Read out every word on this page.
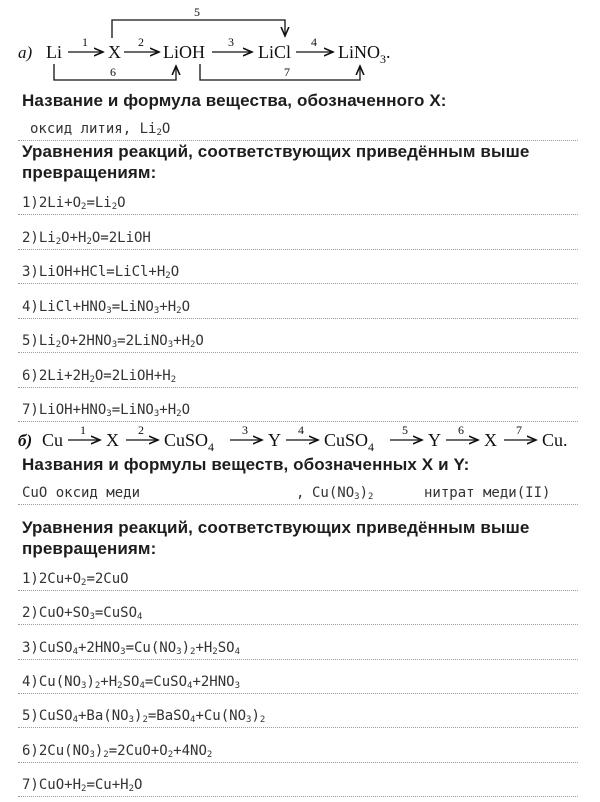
а) Li	X LiOH	LiCl	LiNO$_3$.
1	2	3	4
5
6	7
Название и формула вещества, обозначенного Х:
оксид лития, $Li_2O$
Уравнения реакций, соответствующих приведённым выше
превращениям:
$1)2Li+O_2=Li_2O$
$2)Li_2O+H_2O=2LiOH$
$3)LiOH+HCl=LiCl+H_2O$
$4)LiCl+HNO_3=LiNO_3+H_2O$
$5)Li_2O+2HNO_3=2LiNO_3+H_2O$
$6)2Li+2H_2O=2LiOH+H_2$
$7)LiOH+HNO_3=LiNO_3+H_2O$
б) Cu 1 X 2 CuSO$_4$
3 Y 4 CuSO$_4$
5 Y 6 X 7 Cu.
Названия и формулы веществ, обозначенных X и Y:
CuO оксид меди	, $Cu(NO_3)_2$	нитрат меди(II)
Уравнения реакций, соответствующих приведённым выше
превращениям:
$1)2Cu+O_2=2CuO$
$2)CuO+SO_3=CuSO_4$
$3)CuSO_4+2HNO_3=Cu(NO_3)_2+H_2SO_4$
$4)Cu(NO_3)_2+H_2SO_4=CuSO_4+2HNO_3$
$5)CuSO_4+Ba(NO_3)_2=BaSO_4+Cu(NO_3)_2$
$6)2Cu(NO_3)_2=2CuO+O_2+4NO_2$
$7)CuO+H_2=Cu+H_2O$
